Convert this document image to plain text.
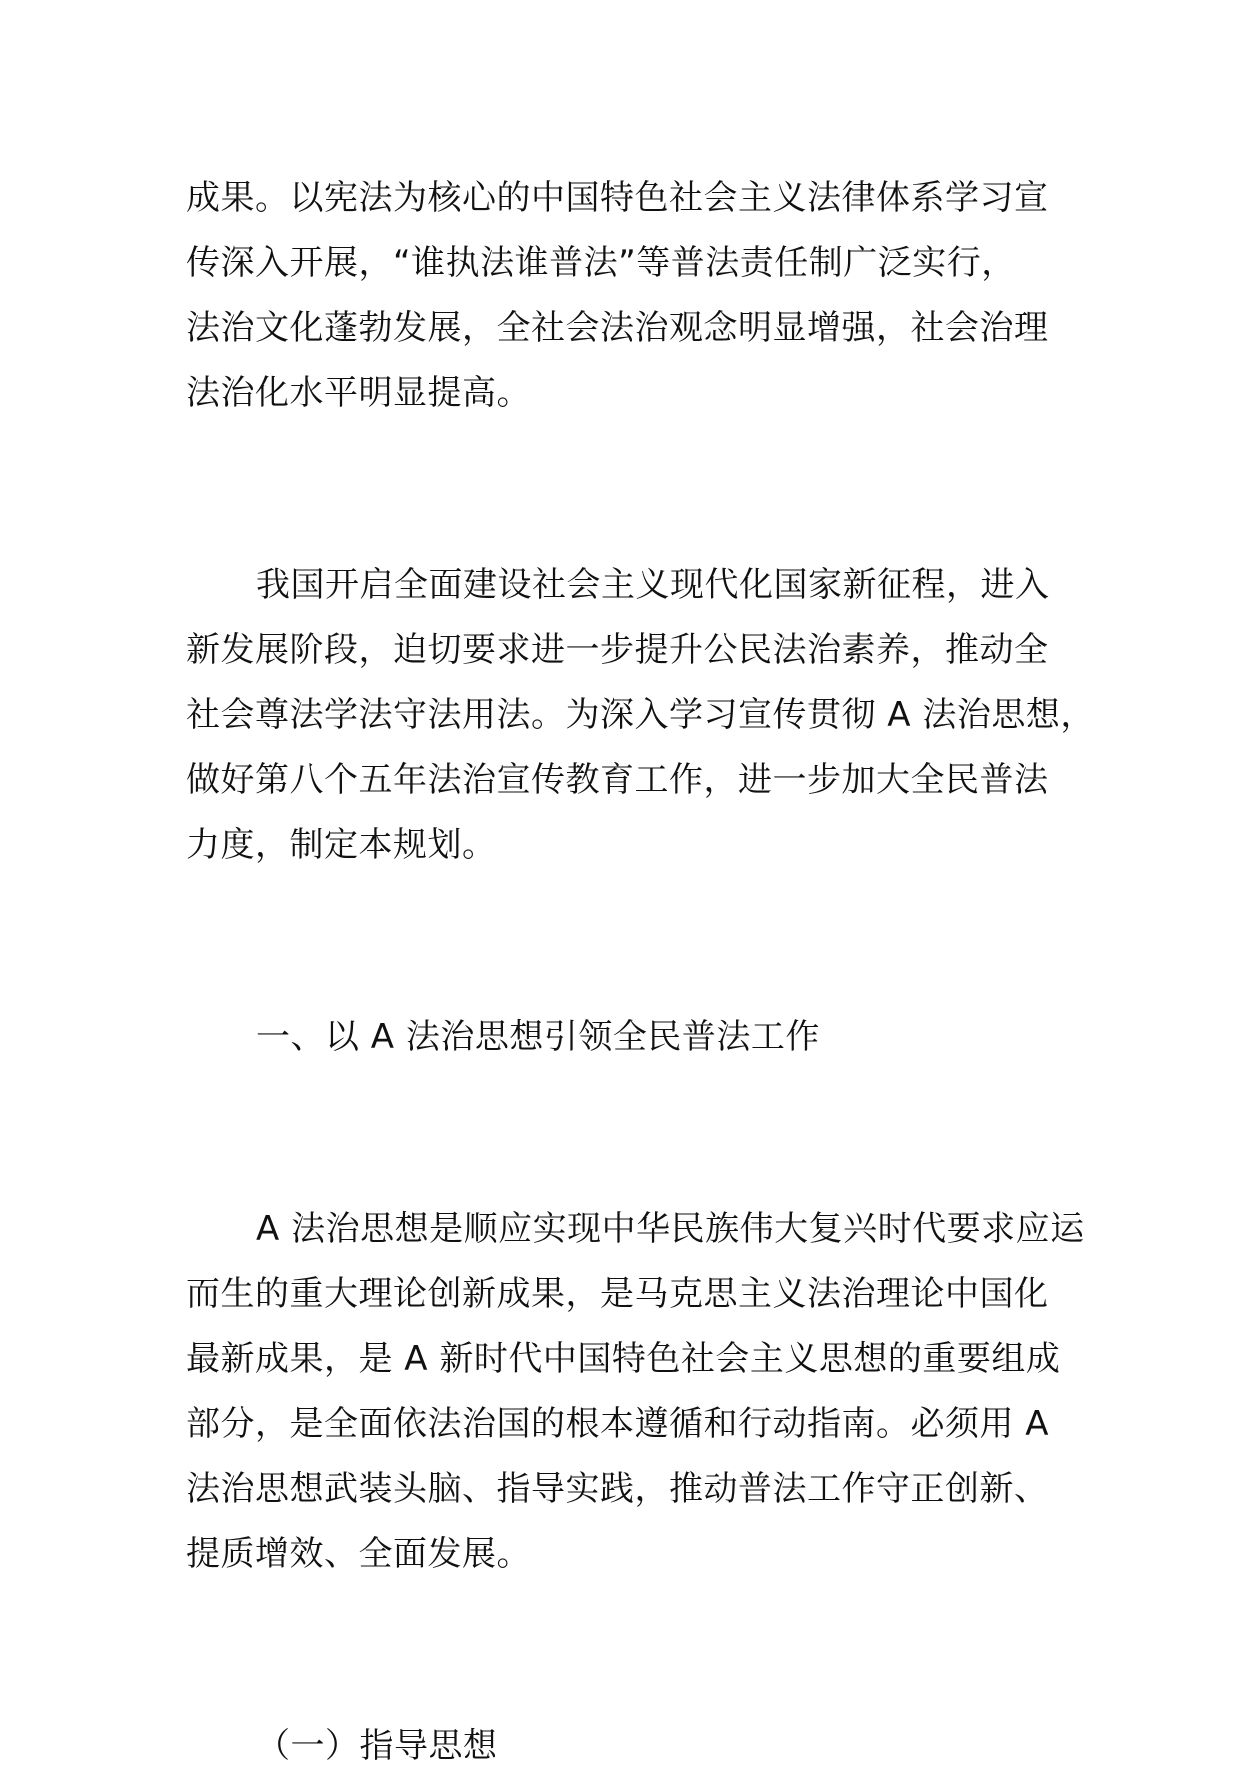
成果。以宪法为核心的中国特色社会主义法律体系学习宣
传深入开展，“谁执法谁普法”等普法责任制广泛实行，
法治文化蓬勃发展，全社会法治观念明显增强，社会治理
法治化水平明显提高。
我国开启全面建设社会主义现代化国家新征程，进入
新发展阶段，迫切要求进一步提升公民法治素养，推动全
社会尊法学法守法用法。为深入学习宣传贯彻 A 法治思想，
做好第八个五年法治宣传教育工作，进一步加大全民普法
力度，制定本规划。
一、以 A 法治思想引领全民普法工作
A 法治思想是顺应实现中华民族伟大复兴时代要求应运
而生的重大理论创新成果，是马克思主义法治理论中国化
最新成果，是 A 新时代中国特色社会主义思想的重要组成
部分，是全面依法治国的根本遵循和行动指南。必须用 A
法治思想武装头脑、指导实践，推动普法工作守正创新、
提质增效、全面发展。
（一）指导思想
